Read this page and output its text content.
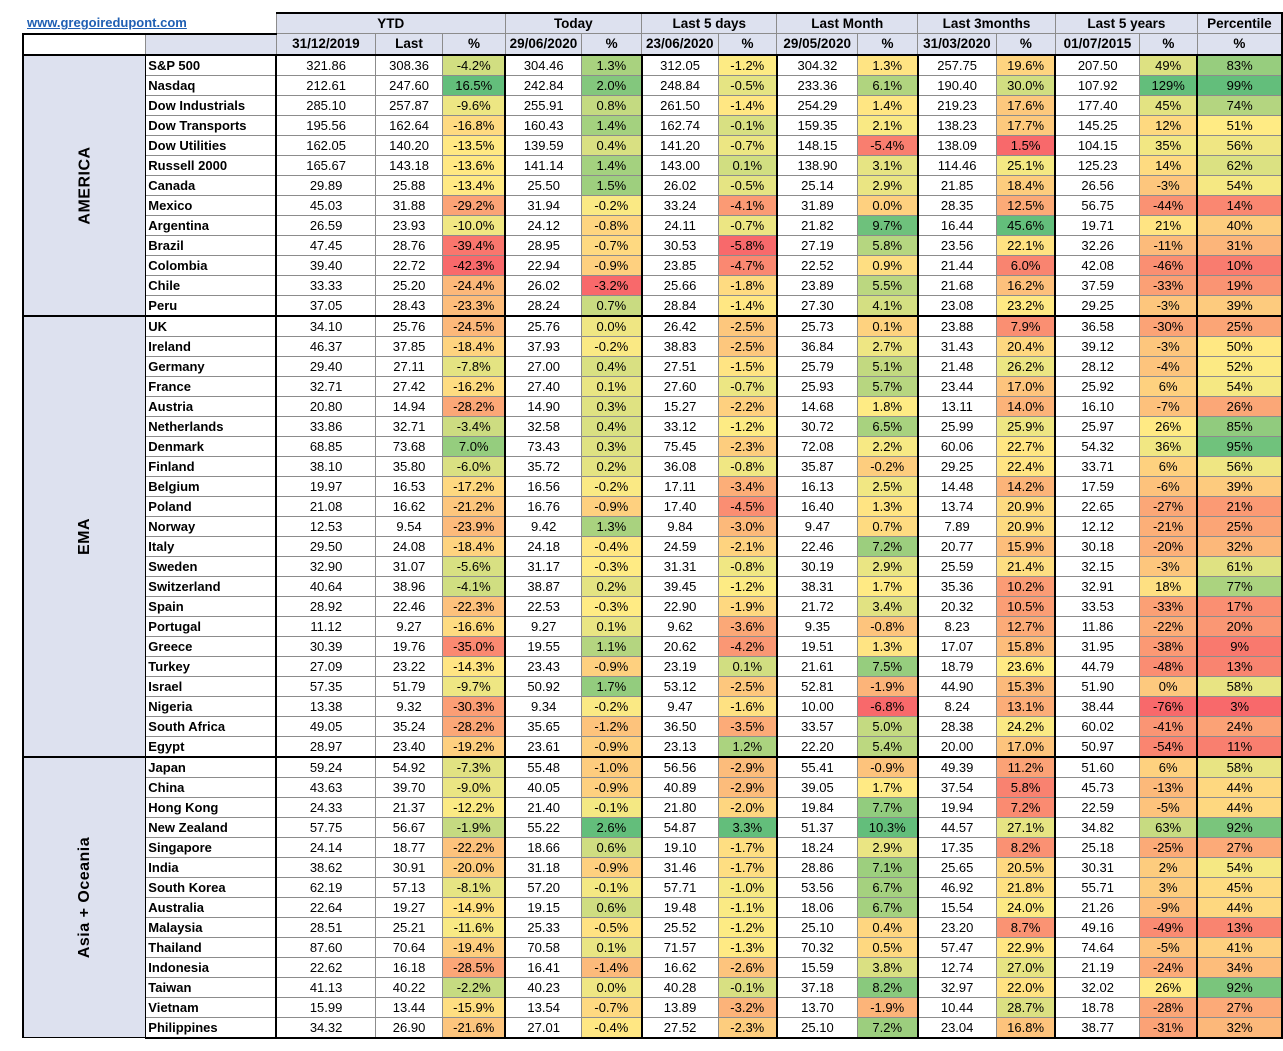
www.gregoiredupont.com		YTD			Today		Last 5 days		Last Month		Last 3months		Last 5 years		Percentile
		31/12/2019	Last	%	29/06/2020	%	23/06/2020	%	29/05/2020	%	31/03/2020	%	01/07/2015	%	%
AMERICA	S&P 500	321.86	308.36	-4.2%	304.46	1.3%	312.05	-1.2%	304.32	1.3%	257.75	19.6%	207.50	49%	83%
	Nasdaq	212.61	247.60	16.5%	242.84	2.0%	248.84	-0.5%	233.36	6.1%	190.40	30.0%	107.92	129%	99%
	Dow Industrials	285.10	257.87	-9.6%	255.91	0.8%	261.50	-1.4%	254.29	1.4%	219.23	17.6%	177.40	45%	74%
	Dow Transports	195.56	162.64	-16.8%	160.43	1.4%	162.74	-0.1%	159.35	2.1%	138.23	17.7%	145.25	12%	51%
	Dow Utilities	162.05	140.20	-13.5%	139.59	0.4%	141.20	-0.7%	148.15	-5.4%	138.09	1.5%	104.15	35%	56%
	Russell 2000	165.67	143.18	-13.6%	141.14	1.4%	143.00	0.1%	138.90	3.1%	114.46	25.1%	125.23	14%	62%
	Canada	29.89	25.88	-13.4%	25.50	1.5%	26.02	-0.5%	25.14	2.9%	21.85	18.4%	26.56	-3%	54%
	Mexico	45.03	31.88	-29.2%	31.94	-0.2%	33.24	-4.1%	31.89	0.0%	28.35	12.5%	56.75	-44%	14%
	Argentina	26.59	23.93	-10.0%	24.12	-0.8%	24.11	-0.7%	21.82	9.7%	16.44	45.6%	19.71	21%	40%
	Brazil	47.45	28.76	-39.4%	28.95	-0.7%	30.53	-5.8%	27.19	5.8%	23.56	22.1%	32.26	-11%	31%
	Colombia	39.40	22.72	-42.3%	22.94	-0.9%	23.85	-4.7%	22.52	0.9%	21.44	6.0%	42.08	-46%	10%
	Chile	33.33	25.20	-24.4%	26.02	-3.2%	25.66	-1.8%	23.89	5.5%	21.68	16.2%	37.59	-33%	19%
	Peru	37.05	28.43	-23.3%	28.24	0.7%	28.84	-1.4%	27.30	4.1%	23.08	23.2%	29.25	-3%	39%
EMA	UK	34.10	25.76	-24.5%	25.76	0.0%	26.42	-2.5%	25.73	0.1%	23.88	7.9%	36.58	-30%	25%
	Ireland	46.37	37.85	-18.4%	37.93	-0.2%	38.83	-2.5%	36.84	2.7%	31.43	20.4%	39.12	-3%	50%
	Germany	29.40	27.11	-7.8%	27.00	0.4%	27.51	-1.5%	25.79	5.1%	21.48	26.2%	28.12	-4%	52%
	France	32.71	27.42	-16.2%	27.40	0.1%	27.60	-0.7%	25.93	5.7%	23.44	17.0%	25.92	6%	54%
	Austria	20.80	14.94	-28.2%	14.90	0.3%	15.27	-2.2%	14.68	1.8%	13.11	14.0%	16.10	-7%	26%
	Netherlands	33.86	32.71	-3.4%	32.58	0.4%	33.12	-1.2%	30.72	6.5%	25.99	25.9%	25.97	26%	85%
	Denmark	68.85	73.68	7.0%	73.43	0.3%	75.45	-2.3%	72.08	2.2%	60.06	22.7%	54.32	36%	95%
	Finland	38.10	35.80	-6.0%	35.72	0.2%	36.08	-0.8%	35.87	-0.2%	29.25	22.4%	33.71	6%	56%
	Belgium	19.97	16.53	-17.2%	16.56	-0.2%	17.11	-3.4%	16.13	2.5%	14.48	14.2%	17.59	-6%	39%
	Poland	21.08	16.62	-21.2%	16.76	-0.9%	17.40	-4.5%	16.40	1.3%	13.74	20.9%	22.65	-27%	21%
	Norway	12.53	9.54	-23.9%	9.42	1.3%	9.84	-3.0%	9.47	0.7%	7.89	20.9%	12.12	-21%	25%
	Italy	29.50	24.08	-18.4%	24.18	-0.4%	24.59	-2.1%	22.46	7.2%	20.77	15.9%	30.18	-20%	32%
	Sweden	32.90	31.07	-5.6%	31.17	-0.3%	31.31	-0.8%	30.19	2.9%	25.59	21.4%	32.15	-3%	61%
	Switzerland	40.64	38.96	-4.1%	38.87	0.2%	39.45	-1.2%	38.31	1.7%	35.36	10.2%	32.91	18%	77%
	Spain	28.92	22.46	-22.3%	22.53	-0.3%	22.90	-1.9%	21.72	3.4%	20.32	10.5%	33.53	-33%	17%
	Portugal	11.12	9.27	-16.6%	9.27	0.1%	9.62	-3.6%	9.35	-0.8%	8.23	12.7%	11.86	-22%	20%
	Greece	30.39	19.76	-35.0%	19.55	1.1%	20.62	-4.2%	19.51	1.3%	17.07	15.8%	31.95	-38%	9%
	Turkey	27.09	23.22	-14.3%	23.43	-0.9%	23.19	0.1%	21.61	7.5%	18.79	23.6%	44.79	-48%	13%
	Israel	57.35	51.79	-9.7%	50.92	1.7%	53.12	-2.5%	52.81	-1.9%	44.90	15.3%	51.90	0%	58%
	Nigeria	13.38	9.32	-30.3%	9.34	-0.2%	9.47	-1.6%	10.00	-6.8%	8.24	13.1%	38.44	-76%	3%
	South Africa	49.05	35.24	-28.2%	35.65	-1.2%	36.50	-3.5%	33.57	5.0%	28.38	24.2%	60.02	-41%	24%
	Egypt	28.97	23.40	-19.2%	23.61	-0.9%	23.13	1.2%	22.20	5.4%	20.00	17.0%	50.97	-54%	11%
Asia + Oceania	Japan	59.24	54.92	-7.3%	55.48	-1.0%	56.56	-2.9%	55.41	-0.9%	49.39	11.2%	51.60	6%	58%
	China	43.63	39.70	-9.0%	40.05	-0.9%	40.89	-2.9%	39.05	1.7%	37.54	5.8%	45.73	-13%	44%
	Hong Kong	24.33	21.37	-12.2%	21.40	-0.1%	21.80	-2.0%	19.84	7.7%	19.94	7.2%	22.59	-5%	44%
	New Zealand	57.75	56.67	-1.9%	55.22	2.6%	54.87	3.3%	51.37	10.3%	44.57	27.1%	34.82	63%	92%
	Singapore	24.14	18.77	-22.2%	18.66	0.6%	19.10	-1.7%	18.24	2.9%	17.35	8.2%	25.18	-25%	27%
	India	38.62	30.91	-20.0%	31.18	-0.9%	31.46	-1.7%	28.86	7.1%	25.65	20.5%	30.31	2%	54%
	South Korea	62.19	57.13	-8.1%	57.20	-0.1%	57.71	-1.0%	53.56	6.7%	46.92	21.8%	55.71	3%	45%
	Australia	22.64	19.27	-14.9%	19.15	0.6%	19.48	-1.1%	18.06	6.7%	15.54	24.0%	21.26	-9%	44%
	Malaysia	28.51	25.21	-11.6%	25.33	-0.5%	25.52	-1.2%	25.10	0.4%	23.20	8.7%	49.16	-49%	13%
	Thailand	87.60	70.64	-19.4%	70.58	0.1%	71.57	-1.3%	70.32	0.5%	57.47	22.9%	74.64	-5%	41%
	Indonesia	22.62	16.18	-28.5%	16.41	-1.4%	16.62	-2.6%	15.59	3.8%	12.74	27.0%	21.19	-24%	34%
	Taiwan	41.13	40.22	-2.2%	40.23	0.0%	40.28	-0.1%	37.18	8.2%	32.97	22.0%	32.02	26%	92%
	Vietnam	15.99	13.44	-15.9%	13.54	-0.7%	13.89	-3.2%	13.70	-1.9%	10.44	28.7%	18.78	-28%	27%
	Philippines	34.32	26.90	-21.6%	27.01	-0.4%	27.52	-2.3%	25.10	7.2%	23.04	16.8%	38.77	-31%	32%
